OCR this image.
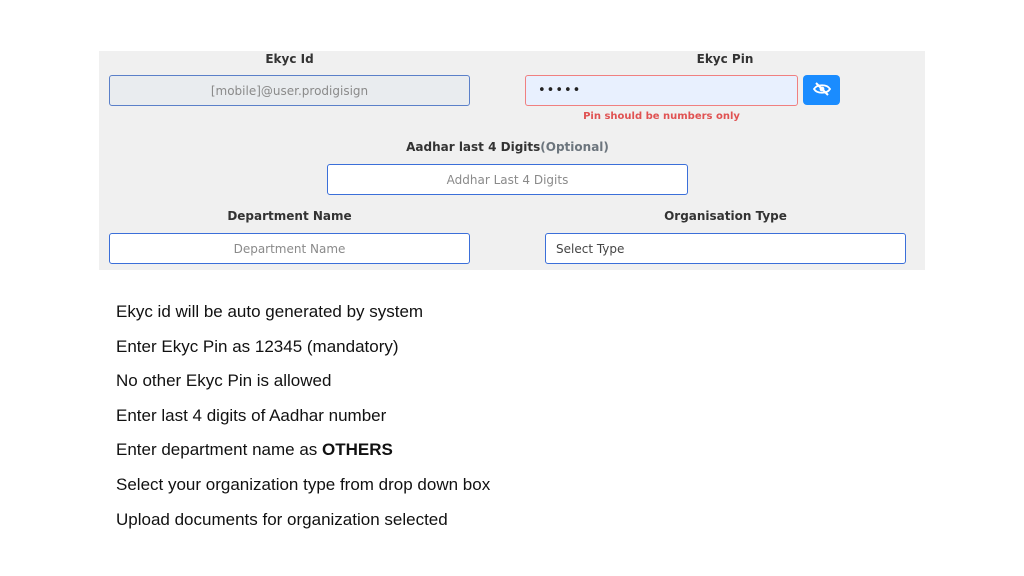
Ekyc Id
[mobile]@user.prodigisign
Ekyc Pin
•••••
Pin should be numbers only
Aadhar last 4 Digits(Optional)
Addhar Last 4 Digits
Department Name
Department Name
Organisation Type
Select Type
Ekyc id will be auto generated by system
Enter Ekyc Pin as 12345 (mandatory)
No other Ekyc Pin is allowed
Enter last 4 digits of Aadhar number
Enter department name as OTHERS
Select your organization type from drop down box
Upload documents for organization selected
